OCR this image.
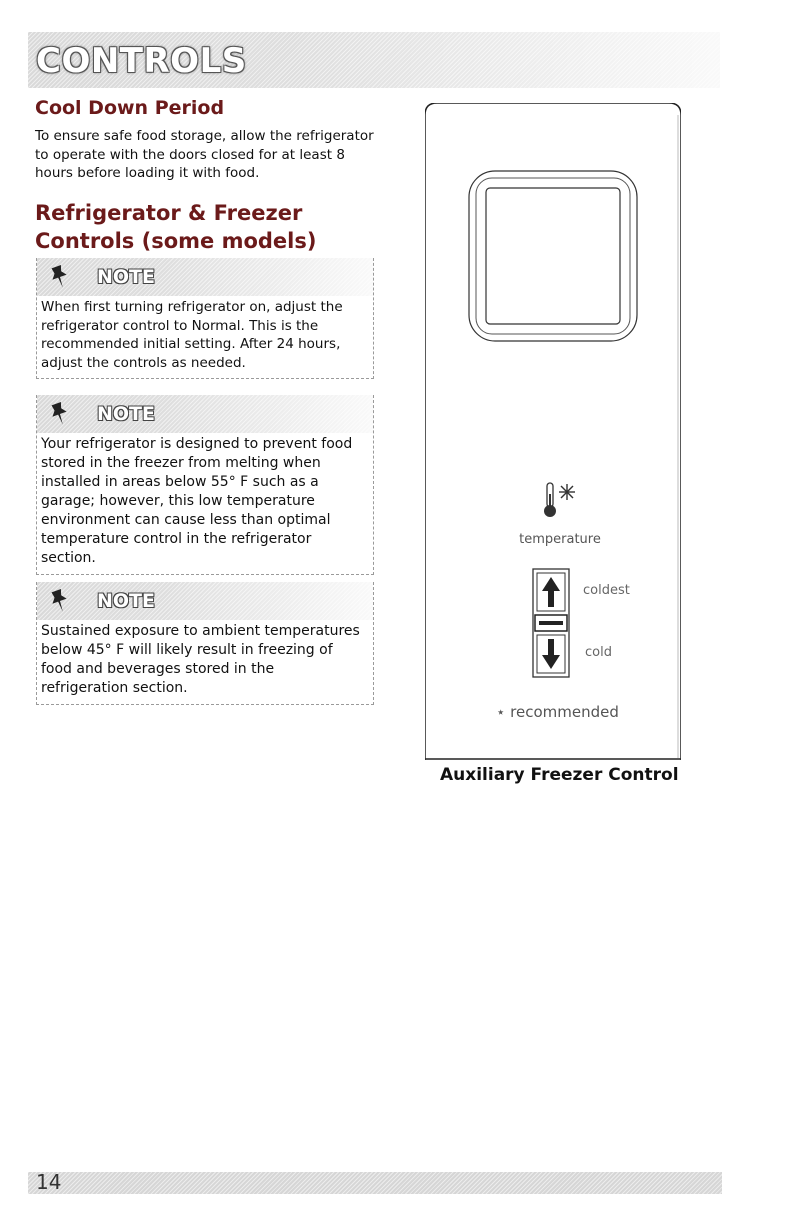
CONTROLS
Cool Down Period
To ensure safe food storage, allow the refrigerator to operate with the doors closed for at least 8 hours before loading it with food.
Refrigerator & Freezer Controls (some models)
NOTE
When first turning refrigerator on, adjust the refrigerator control to Normal. This is the recommended initial setting. After 24 hours, adjust the controls as needed.
NOTE
Your refrigerator is designed to prevent food stored in the freezer from melting when installed in areas below 55° F such as a garage; however, this low temperature environment can cause less than optimal temperature control in the refrigerator section.
NOTE
Sustained exposure to ambient temperatures below 45° F will likely result in freezing of food and beverages stored in the refrigeration section.
temperature
coldest
cold
⋆ recommended
Auxiliary Freezer Control
14
